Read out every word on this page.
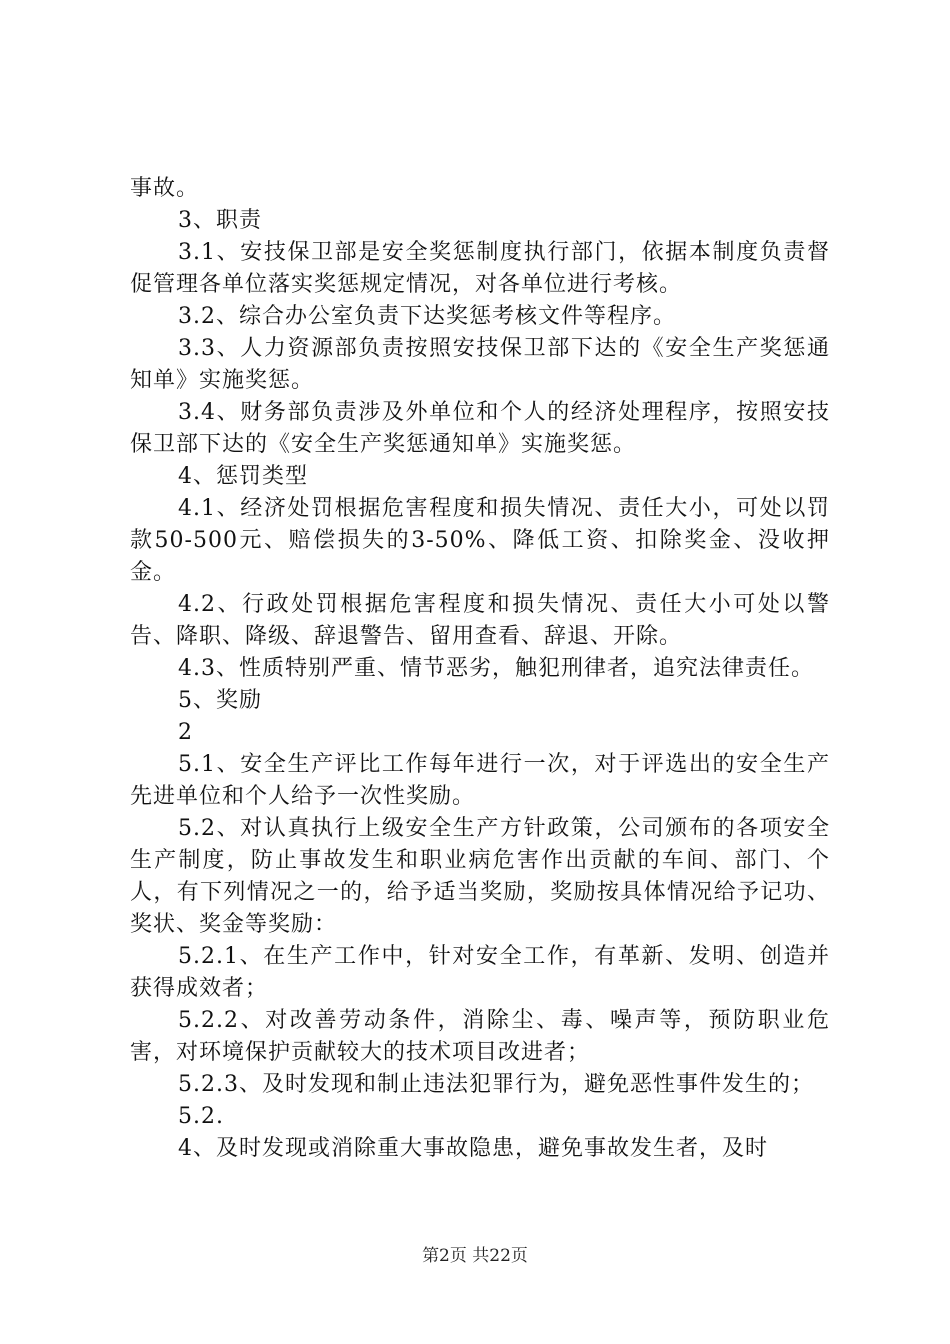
事故。

3、职责

3.1、安技保卫部是安全奖惩制度执行部门，依据本制度负责督促管理各单位落实奖惩规定情况，对各单位进行考核。

3.2、综合办公室负责下达奖惩考核文件等程序。

3.3、人力资源部负责按照安技保卫部下达的《安全生产奖惩通知单》实施奖惩。

3.4、财务部负责涉及外单位和个人的经济处理程序，按照安技保卫部下达的《安全生产奖惩通知单》实施奖惩。

4、惩罚类型

4.1、经济处罚根据危害程度和损失情况、责任大小，可处以罚款50-500元、赔偿损失的3-50%、降低工资、扣除奖金、没收押金。

4.2、行政处罚根据危害程度和损失情况、责任大小可处以警告、降职、降级、辞退警告、留用查看、辞退、开除。

4.3、性质特别严重、情节恶劣，触犯刑律者，追究法律责任。

5、奖励

2

5.1、安全生产评比工作每年进行一次，对于评选出的安全生产先进单位和个人给予一次性奖励。

5.2、对认真执行上级安全生产方针政策，公司颁布的各项安全生产制度，防止事故发生和职业病危害作出贡献的车间、部门、个人，有下列情况之一的，给予适当奖励，奖励按具体情况给予记功、奖状、奖金等奖励：

5.2.1、在生产工作中，针对安全工作，有革新、发明、创造并获得成效者；

5.2.2、对改善劳动条件，消除尘、毒、噪声等，预防职业危害，对环境保护贡献较大的技术项目改进者；

5.2.3、及时发现和制止违法犯罪行为，避免恶性事件发生的；

5.2.

4、及时发现或消除重大事故隐患，避免事故发生者，及时

第2页 共22页
